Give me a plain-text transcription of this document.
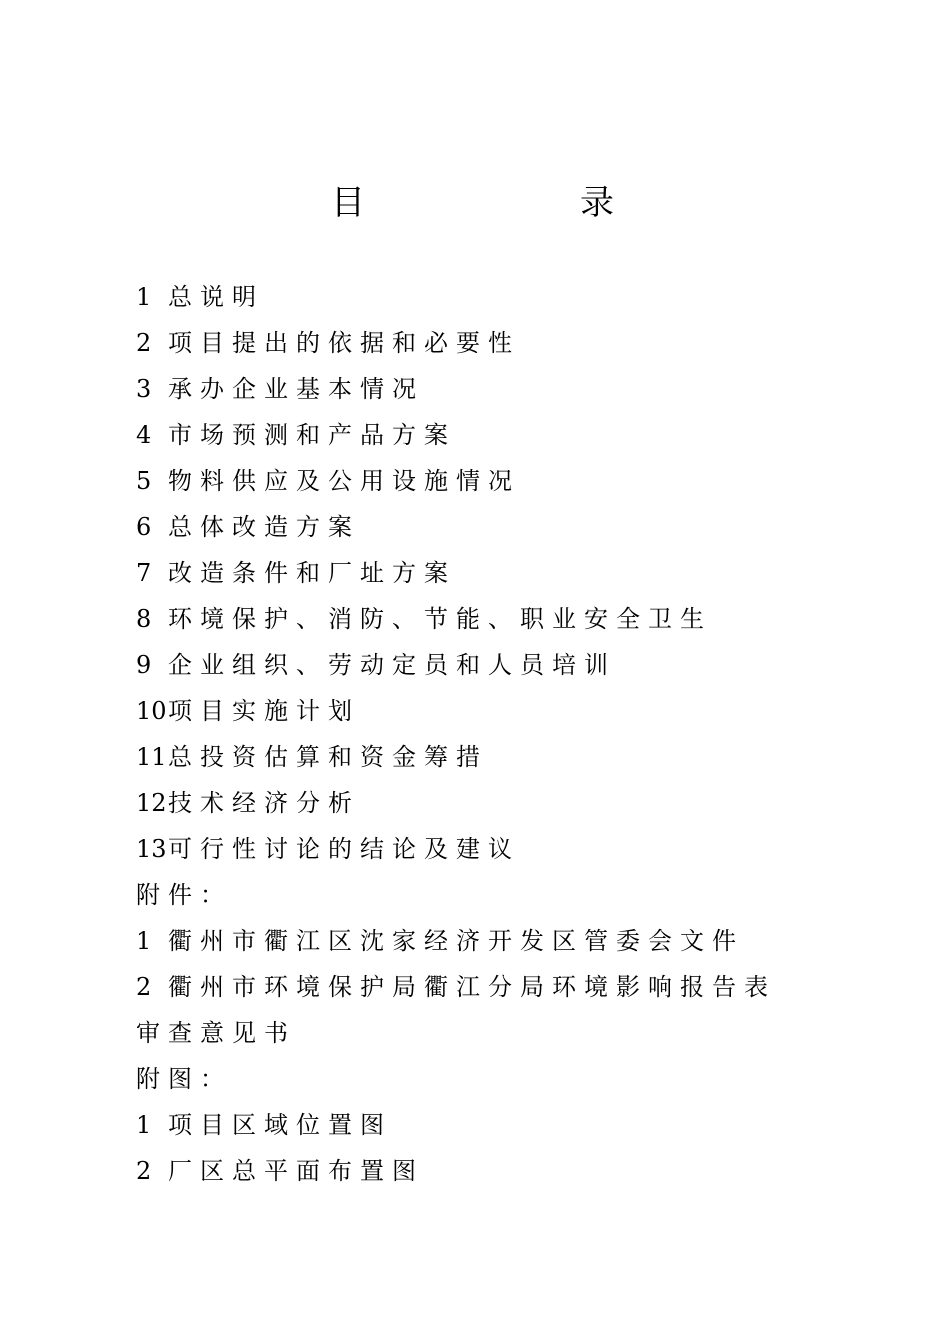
目	录
1 总说明
2 项目提出的依据和必要性
3 承办企业基本情况
4 市场预测和产品方案
5 物料供应及公用设施情况
6 总体改造方案
7 改造条件和厂址方案
8 环境保护、消防、节能、职业安全卫生
9 企业组织、劳动定员和人员培训
10项目实施计划
11总投资估算和资金筹措
12技术经济分析
13可行性讨论的结论及建议
附件：
1 衢州市衢江区沈家经济开发区管委会文件
2 衢州市环境保护局衢江分局环境影响报告表
审查意见书
附图：
1 项目区域位置图
2 厂区总平面布置图
